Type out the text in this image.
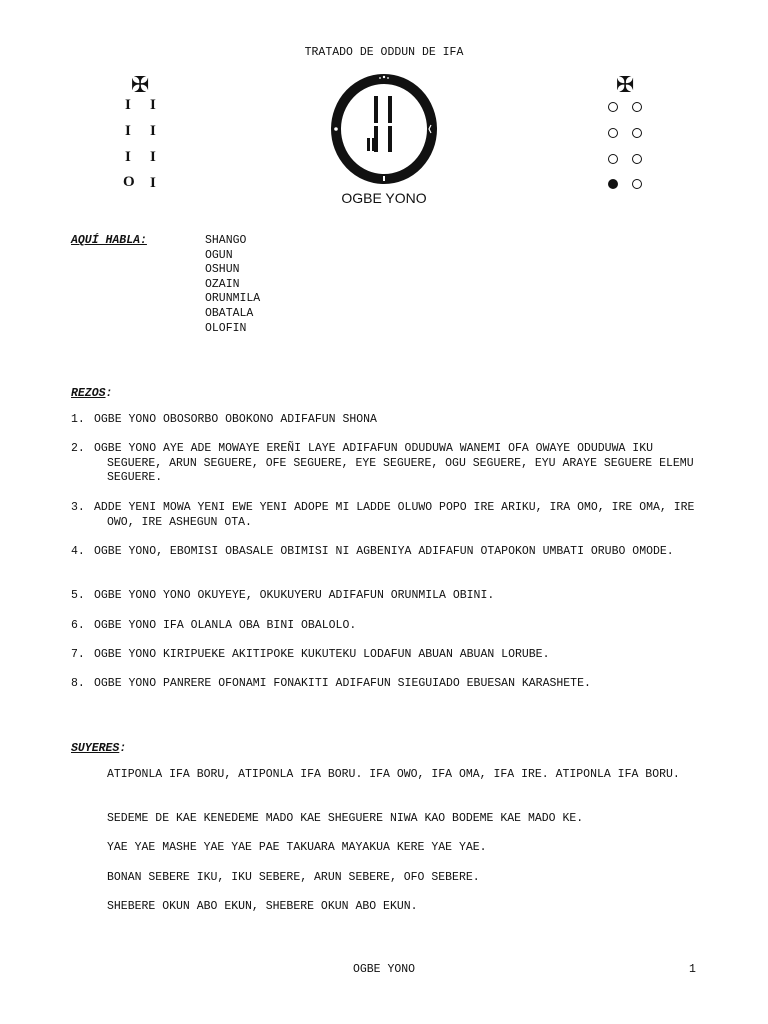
TRATADO DE ODDUN DE IFA
✠
I I
I I
I I
O I
OGBE YONO
✠
AQUÍ HABLA:	SHANGO
OGUN
OSHUN
OZAIN
ORUNMILA
OBATALA
OLOFIN
REZOS:
1. OGBE YONO OBOSORBO OBOKONO ADIFAFUN SHONA
2. OGBE YONO AYE ADE MOWAYE EREÑI LAYE ADIFAFUN ODUDUWA WANEMI OFA OWAYE ODUDUWA IKU SEGUERE, ARUN SEGUERE, OFE SEGUERE, EYE SEGUERE, OGU SEGUERE, EYU ARAYE SEGUERE ELEMU SEGUERE.
3. ADDE YENI MOWA YENI EWE YENI ADOPE MI LADDE OLUWO POPO IRE ARIKU, IRA OMO, IRE OMA, IRE OWO, IRE ASHEGUN OTA.
4. OGBE YONO, EBOMISI OBASALE OBIMISI NI AGBENIYA ADIFAFUN OTAPOKON UMBATI ORUBO OMODE.
5. OGBE YONO YONO OKUYEYE, OKUKUYERU ADIFAFUN ORUNMILA OBINI.
6. OGBE YONO IFA OLANLA OBA BINI OBALOLO.
7. OGBE YONO KIRIPUEKE AKITIPOKE KUKUTEKU LODAFUN ABUAN ABUAN LORUBE.
8. OGBE YONO PANRERE OFONAMI FONAKITI ADIFAFUN SIEGUIADO EBUESAN KARASHETE.
SUYERES:
ATIPONLA IFA BORU, ATIPONLA IFA BORU. IFA OWO, IFA OMA, IFA IRE. ATIPONLA IFA BORU.
SEDEME DE KAE KENEDEME MADO KAE SHEGUERE NIWA KAO BODEME KAE MADO KE.
YAE YAE MASHE YAE YAE PAE TAKUARA MAYAKUA KERE YAE YAE.
BONAN SEBERE IKU, IKU SEBERE, ARUN SEBERE, OFO SEBERE.
SHEBERE OKUN ABO EKUN, SHEBERE OKUN ABO EKUN.
OGBE YONO	1
